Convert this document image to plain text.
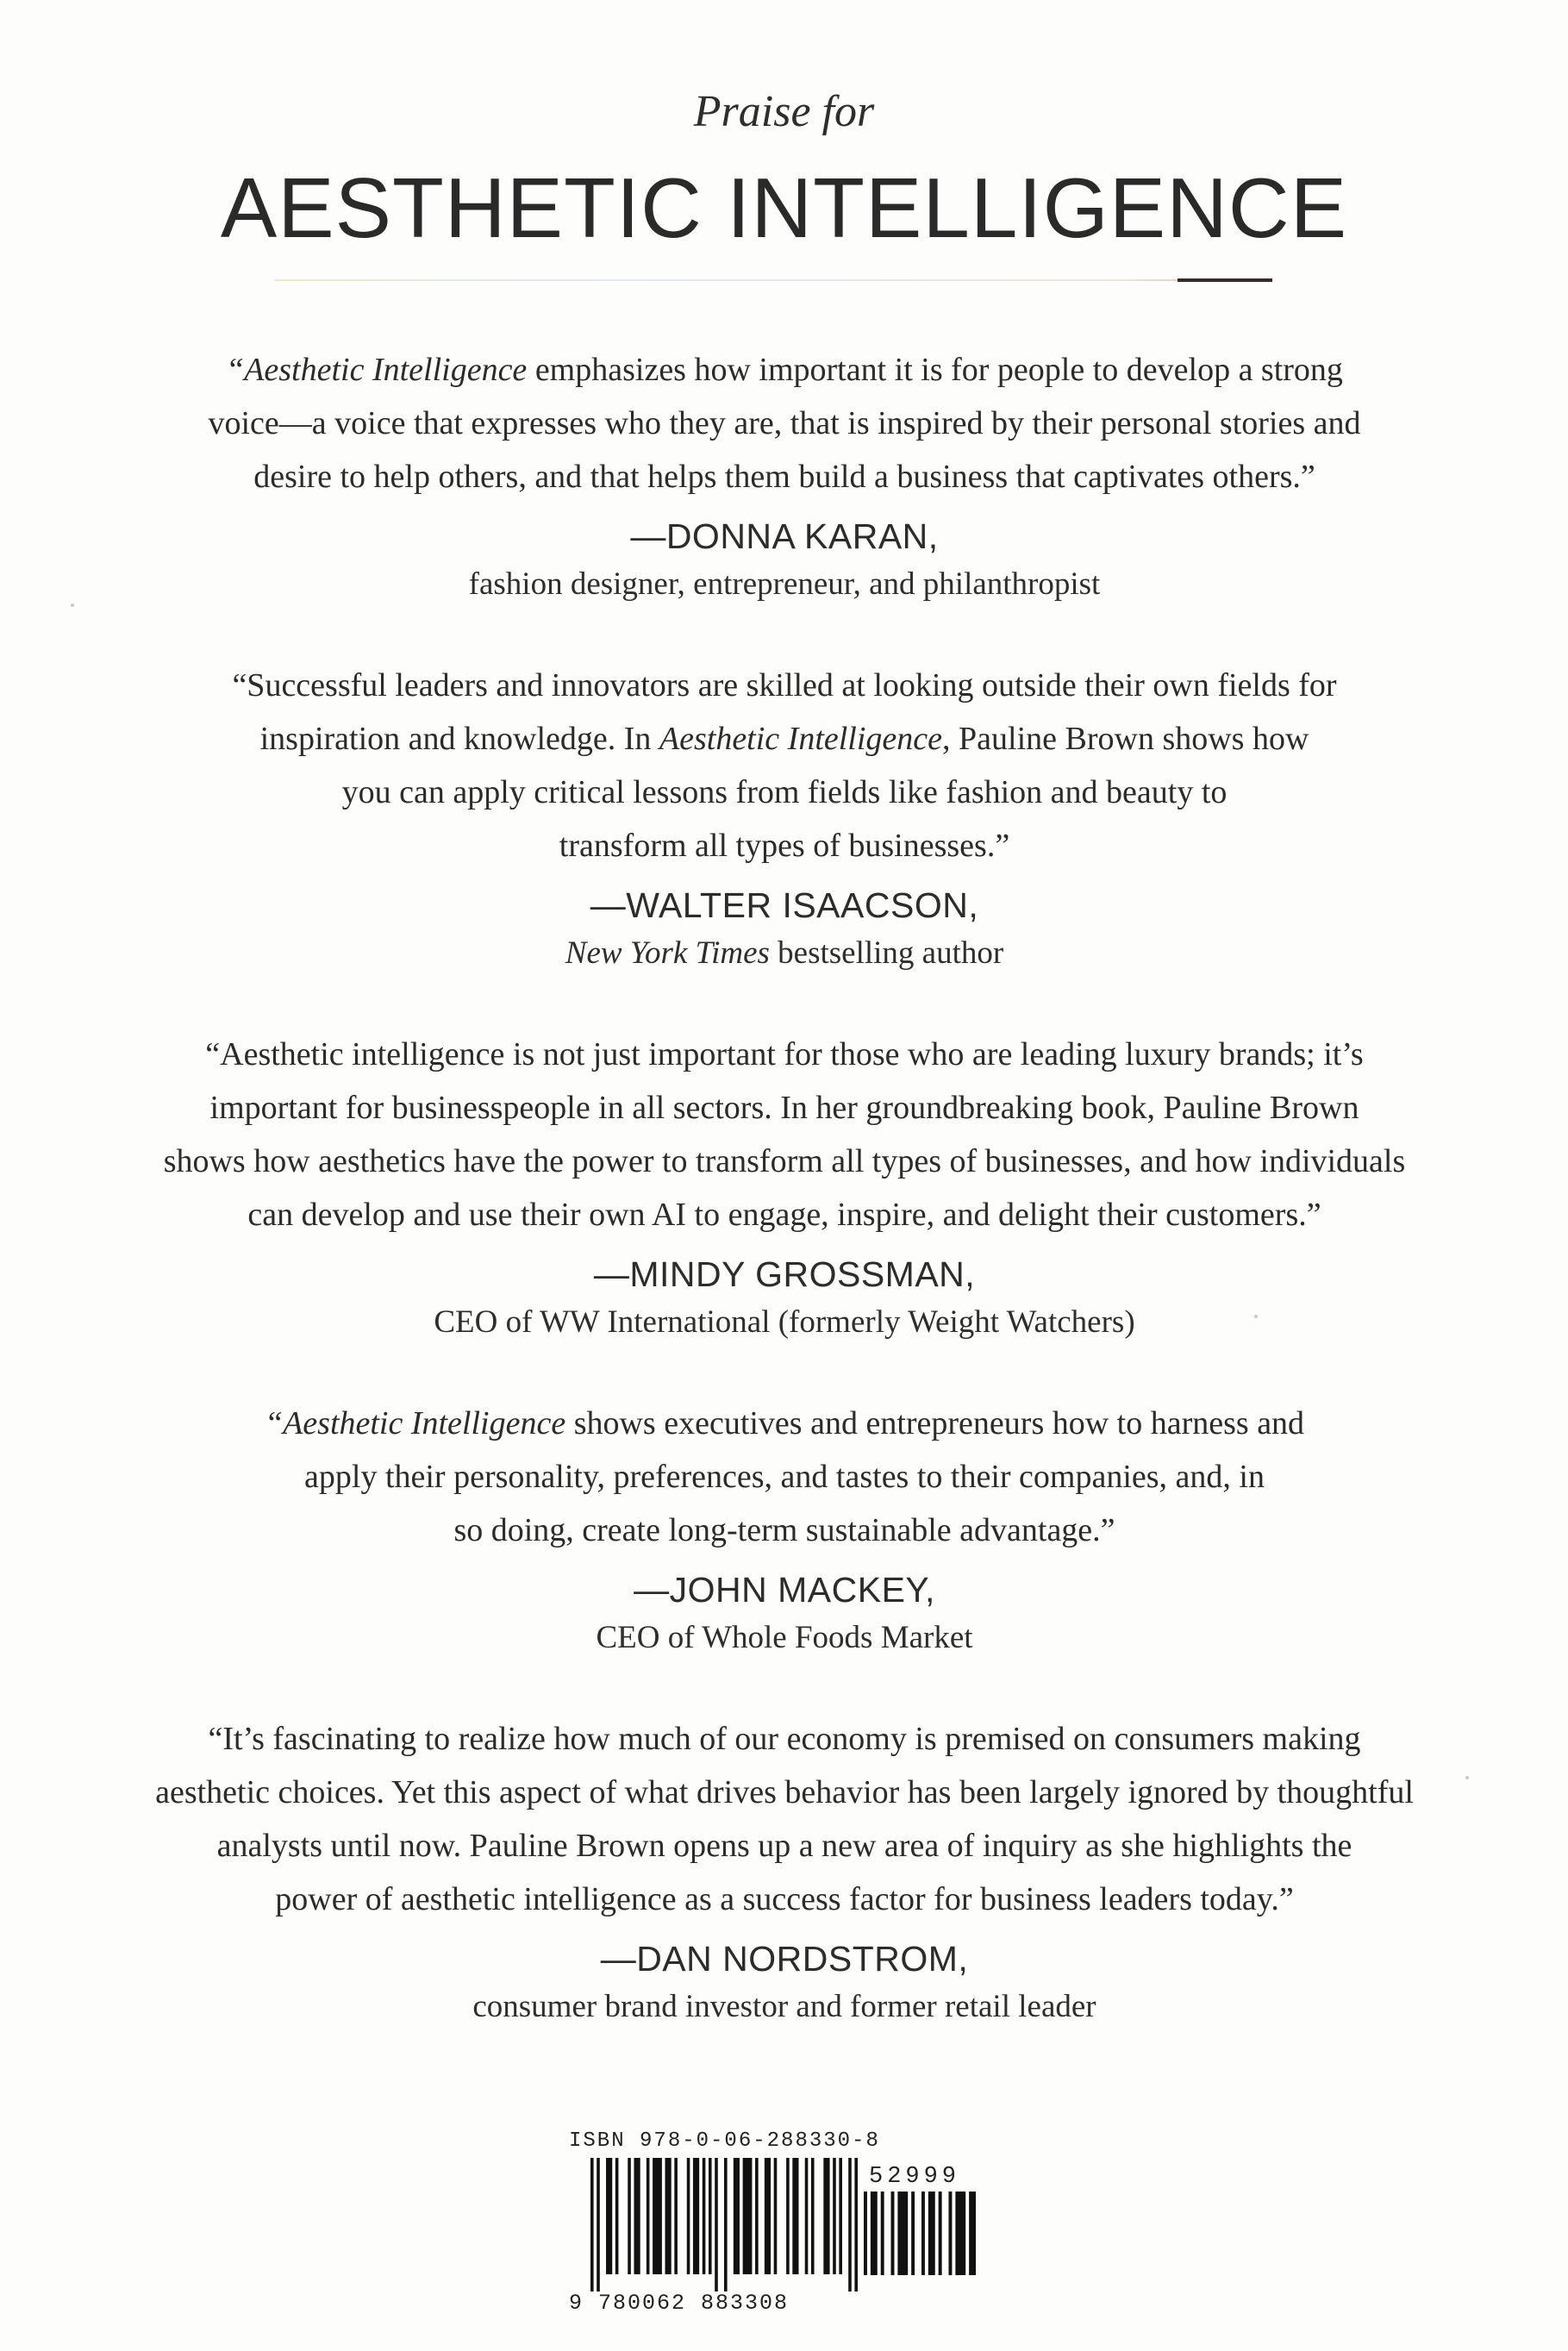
Praise for
AESTHETIC INTELLIGENCE

“Aesthetic Intelligence emphasizes how important it is for people to develop a strong
voice—a voice that expresses who they are, that is inspired by their personal stories and
desire to help others, and that helps them build a business that captivates others.”

—DONNA KARAN,
fashion designer, entrepreneur, and philanthropist

“Successful leaders and innovators are skilled at looking outside their own fields for
inspiration and knowledge. In Aesthetic Intelligence, Pauline Brown shows how
you can apply critical lessons from fields like fashion and beauty to
transform all types of businesses.”

—WALTER ISAACSON,
New York Times bestselling author

“Aesthetic intelligence is not just important for those who are leading luxury brands; it’s
important for businesspeople in all sectors. In her groundbreaking book, Pauline Brown
shows how aesthetics have the power to transform all types of businesses, and how individuals
can develop and use their own AI to engage, inspire, and delight their customers.”

—MINDY GROSSMAN,
CEO of WW International (formerly Weight Watchers)

“Aesthetic Intelligence shows executives and entrepreneurs how to harness and
apply their personality, preferences, and tastes to their companies, and, in
so doing, create long-term sustainable advantage.”

—JOHN MACKEY,
CEO of Whole Foods Market

“It’s fascinating to realize how much of our economy is premised on consumers making
aesthetic choices. Yet this aspect of what drives behavior has been largely ignored by thoughtful
analysts until now. Pauline Brown opens up a new area of inquiry as she highlights the
power of aesthetic intelligence as a success factor for business leaders today.”

—DAN NORDSTROM,
consumer brand investor and former retail leader
ISBN 978-0-06-288330-8
52999
9 780062 883308
